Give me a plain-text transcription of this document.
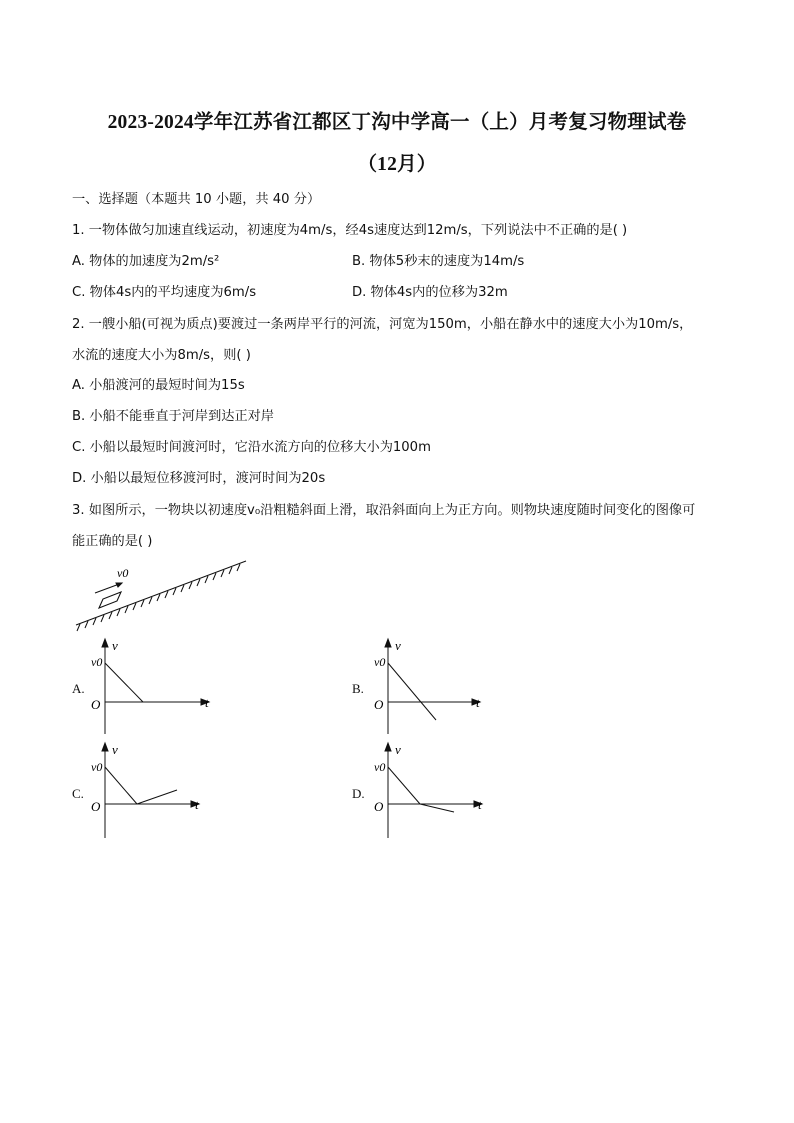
2023-2024学年江苏省江都区丁沟中学高一（上）月考复习物理试卷
（12月）
一、选择题（本题共 10 小题，共 40 分）
1. 一物体做匀加速直线运动，初速度为4m/s，经4s速度达到12m/s，下列说法中不正确的是( )
A. 物体的加速度为2m/s²	B. 物体5秒末的速度为14m/s
C. 物体4s内的平均速度为6m/s	D. 物体4s内的位移为32m
2. 一艘小船(可视为质点)要渡过一条两岸平行的河流，河宽为150m，小船在静水中的速度大小为10m/s，
水流的速度大小为8m/s，则( )
A. 小船渡河的最短时间为15s
B. 小船不能垂直于河岸到达正对岸
C. 小船以最短时间渡河时，它沿水流方向的位移大小为100m
D. 小船以最短位移渡河时，渡河时间为20s
3. 如图所示，一物块以初速度v₀沿粗糙斜面上滑，取沿斜面向上为正方向。则物块速度随时间变化的图像可
能正确的是( )
v0
A.
v
t
O
v0
B.
v
t
O
v0
C.
v
t
O
v0
D.
v
t
O
v0
